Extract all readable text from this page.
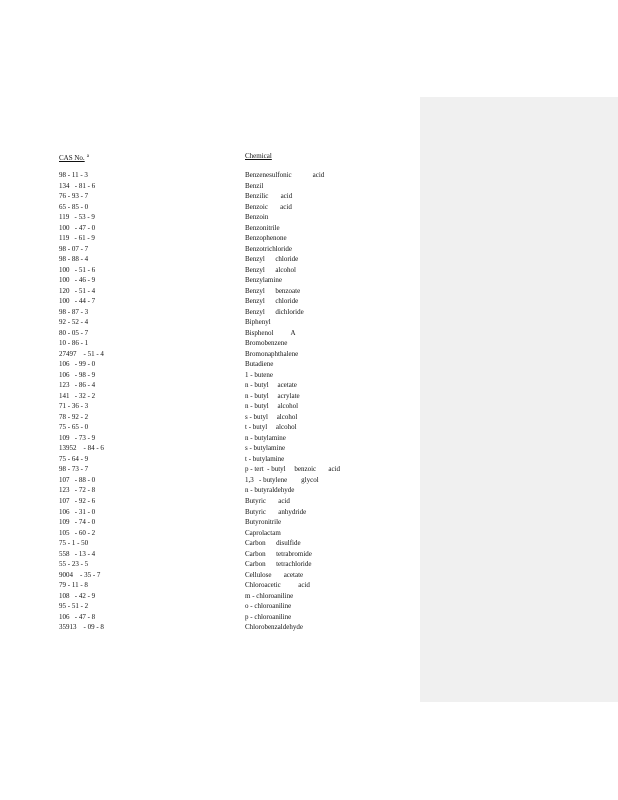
CAS No. $^a$	Chemical
98 - 11 - 3	Benzenesulfonic            acid
134   - 81 - 6	Benzil
76 - 93 - 7	Benzilic       acid
65 - 85 - 0	Benzoic       acid
119   - 53 - 9	Benzoin
100   - 47 - 0	Benzonitrile
119   - 61 - 9	Benzophenone
98 - 07 - 7	Benzotrichloride
98 - 88 - 4	Benzyl      chloride
100   - 51 - 6	Benzyl      alcohol
100   - 46 - 9	Benzylamine
120   - 51 - 4	Benzyl      benzoate
100   - 44 - 7	Benzyl      chloride
98 - 87 - 3	Benzyl      dichloride
92 - 52 - 4	Biphenyl
80 - 05 - 7	Bisphenol          A
10 - 86 - 1	Bromobenzene
27497    - 51 - 4	Bromonaphthalene
106   - 99 - 0	Butadiene
106   - 98 - 9	1 - butene
123   - 86 - 4	n - butyl     acetate
141   - 32 - 2	n - butyl     acrylate
71 - 36 - 3	n - butyl     alcohol
78 - 92 - 2	s - butyl     alcohol
75 - 65 - 0	t - butyl     alcohol
109   - 73 - 9	n - butylamine
13952    - 84 - 6	s - butylamine
75 - 64 - 9	t - butylamine
98 - 73 - 7	p - tert  - butyl     benzoic       acid
107   - 88 - 0	1,3   - butylene        glycol
123   - 72 - 8	n - butyraldehyde
107   - 92 - 6	Butyric       acid
106   - 31 - 0	Butyric       anhydride
109   - 74 - 0	Butyronitrile
105   - 60 - 2	Caprolactam
75 - 1 - 50	Carbon      disulfide
558   - 13 - 4	Carbon      tetrabromide
55 - 23 - 5	Carbon      tetrachloride
9004    - 35 - 7	Cellulose       acetate
79 - 11 - 8	Chloroacetic          acid
108   - 42 - 9	m - chloroaniline
95 - 51 - 2	o - chloroaniline
106   - 47 - 8	p - chloroaniline
35913    - 09 - 8	Chlorobenzaldehyde
